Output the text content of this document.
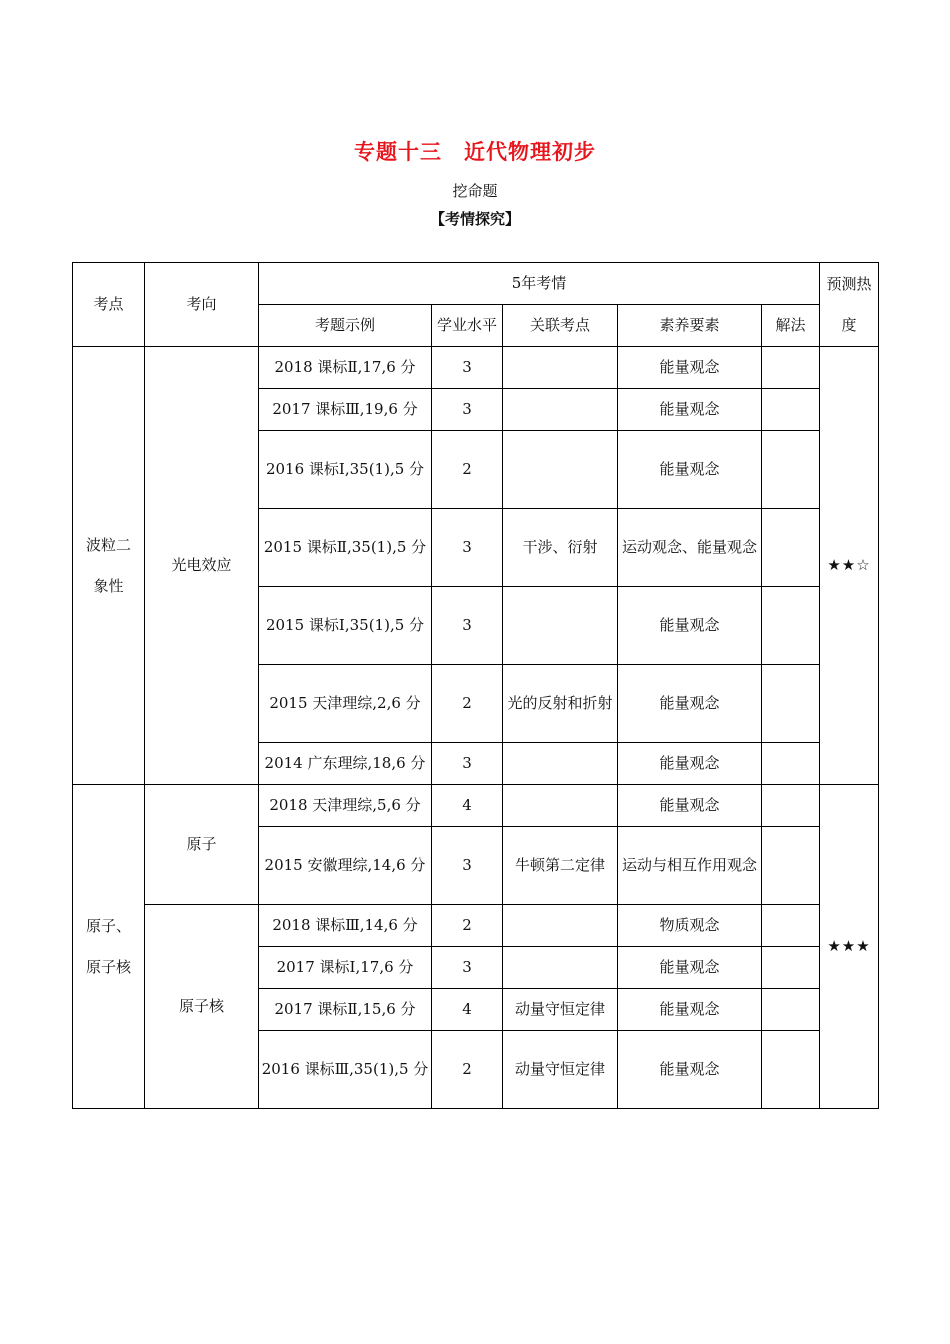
专题十三　近代物理初步
挖命题
【考情探究】
考点	考向	5年考情					预测热度
		考题示例	学业水平	关联考点	素养要素	解法	
波粒二象性	光电效应	2018 课标Ⅱ,17,6 分	3		能量观念		★★☆
		2017 课标Ⅲ,19,6 分	3		能量观念		
		2016 课标Ⅰ,35(1),5 分	2		能量观念		
		2015 课标Ⅱ,35(1),5 分	3	干涉、衍射	运动观念、能量观念		
		2015 课标Ⅰ,35(1),5 分	3		能量观念		
		2015 天津理综,2,6 分	2	光的反射和折射	能量观念		
		2014 广东理综,18,6 分	3		能量观念		
原子、原子核	原子	2018 天津理综,5,6 分	4		能量观念		★★★
		2015 安徽理综,14,6 分	3	牛顿第二定律	运动与相互作用观念		
	原子核	2018 课标Ⅲ,14,6 分	2		物质观念		
		2017 课标Ⅰ,17,6 分	3		能量观念		
		2017 课标Ⅱ,15,6 分	4	动量守恒定律	能量观念		
		2016 课标Ⅲ,35(1),5 分	2	动量守恒定律	能量观念		
